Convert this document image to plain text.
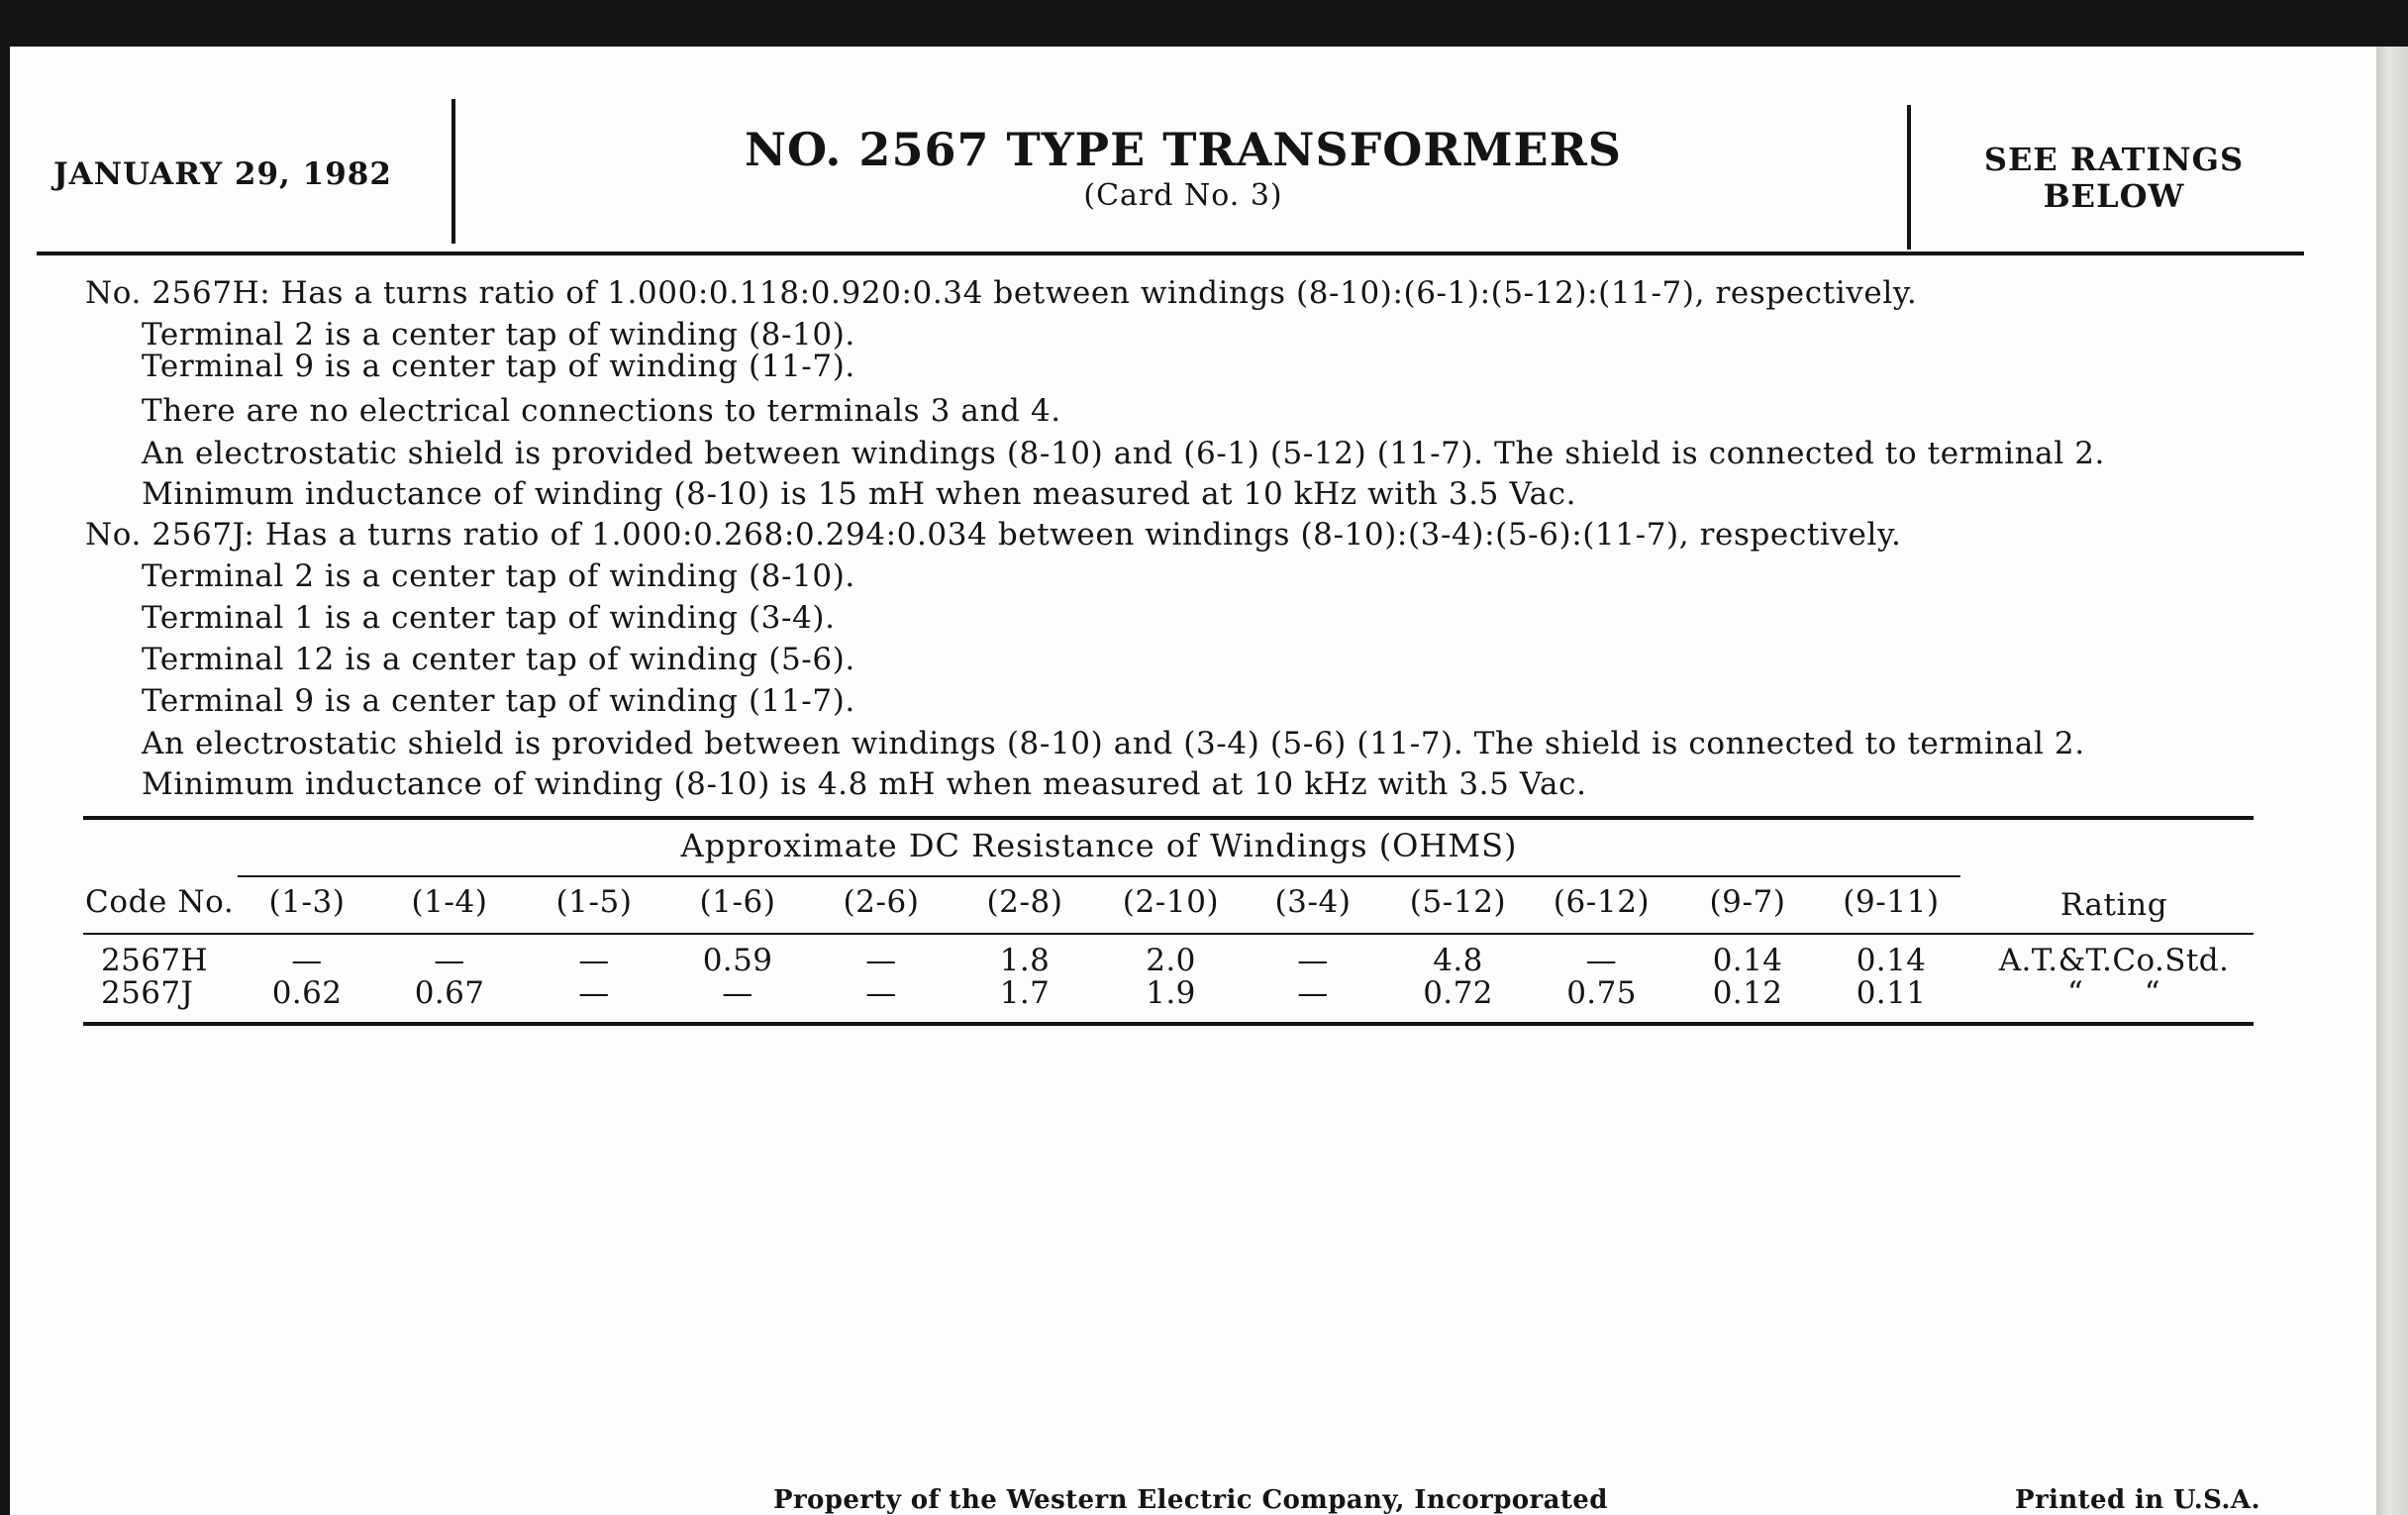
JANUARY 29, 1982	NO. 2567 TYPE TRANSFORMERS
(Card No. 3)
SEE RATINGS
BELOW
No. 2567H: Has a turns ratio of 1.000:0.118:0.920:0.34 between windings (8-10):(6-1):(5-12):(11-7), respectively.
Terminal 2 is a center tap of winding (8-10).
Terminal 9 is a center tap of winding (11-7).
There are no electrical connections to terminals 3 and 4.
An electrostatic shield is provided between windings (8-10) and (6-1) (5-12) (11-7). The shield is connected to terminal 2.
Minimum inductance of winding (8-10) is 15 mH when measured at 10 kHz with 3.5 Vac.
No. 2567J: Has a turns ratio of 1.000:0.268:0.294:0.034 between windings (8-10):(3-4):(5-6):(11-7), respectively.
Terminal 2 is a center tap of winding (8-10).
Terminal 1 is a center tap of winding (3-4).
Terminal 12 is a center tap of winding (5-6).
Terminal 9 is a center tap of winding (11-7).
An electrostatic shield is provided between windings (8-10) and (3-4) (5-6) (11-7). The shield is connected to terminal 2.
Minimum inductance of winding (8-10) is 4.8 mH when measured at 10 kHz with 3.5 Vac.
Approximate DC Resistance of Windings (OHMS)
Code No.	(1-3)	(1-4)	(1-5)	(1-6)	(2-6)	(2-8)	(2-10)	(3-4)	(5-12)	(6-12)	(9-7)	(9-11)	Rating
2567H	—	—	—	0.59	—	1.8	2.0	—	4.8	—	0.14	0.14	A.T.&T.Co.Std.
2567J	0.62	0.67	—	—	—	1.7	1.9	—	0.72	0.75	0.12	0.11	“      “
Property of the Western Electric Company, Incorporated	Printed in U.S.A.
